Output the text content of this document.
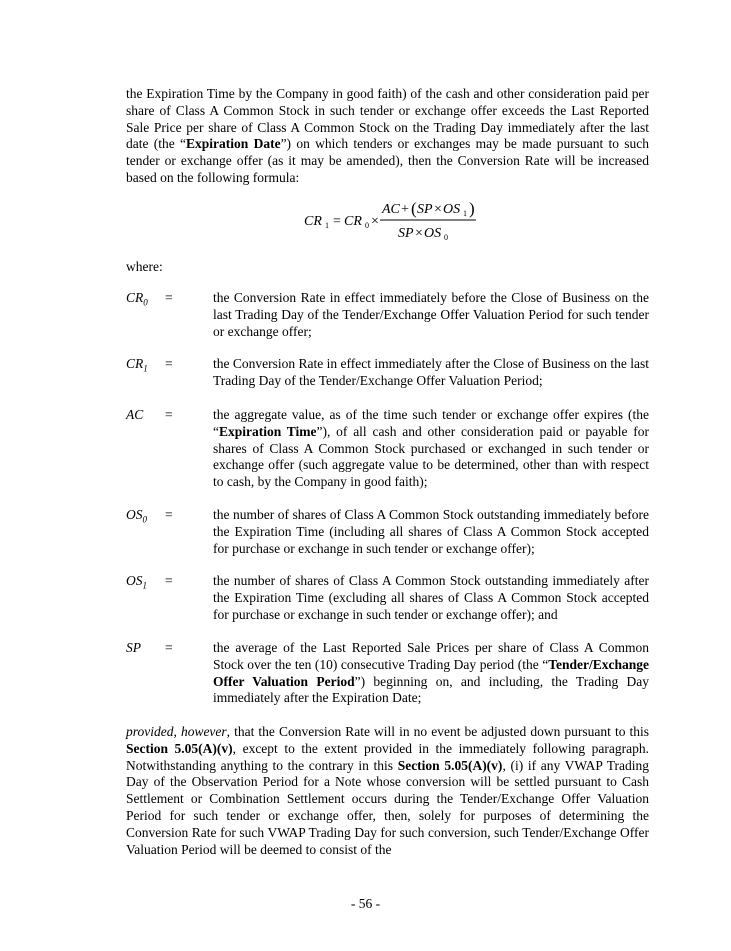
the Expiration Time by the Company in good faith) of the cash and other consideration paid per share of Class A Common Stock in such tender or exchange offer exceeds the Last Reported Sale Price per share of Class A Common Stock on the Trading Day immediately after the last date (the “Expiration Date”) on which tenders or exchanges may be made pursuant to such tender or exchange offer (as it may be amended), then the Conversion Rate will be increased based on the following formula:

CR 1 = CR 0 ×
AC + ( SP × OS 1 )
SP × OS 0

where:

$CR_0$ =	the Conversion Rate in effect immediately before the Close of Business on the last Trading Day of the Tender/Exchange Offer Valuation Period for such tender or exchange offer;

$CR_1$ =	the Conversion Rate in effect immediately after the Close of Business on the last Trading Day of the Tender/Exchange Offer Valuation Period;

AC =	the aggregate value, as of the time such tender or exchange offer expires (the “Expiration Time”), of all cash and other consideration paid or payable for shares of Class A Common Stock purchased or exchanged in such tender or exchange offer (such aggregate value to be determined, other than with respect to cash, by the Company in good faith);

$OS_0$ =	the number of shares of Class A Common Stock outstanding immediately before the Expiration Time (including all shares of Class A Common Stock accepted for purchase or exchange in such tender or exchange offer);

$OS_1$ =	the number of shares of Class A Common Stock outstanding immediately after the Expiration Time (excluding all shares of Class A Common Stock accepted for purchase or exchange in such tender or exchange offer); and

SP =	the average of the Last Reported Sale Prices per share of Class A Common Stock over the ten (10) consecutive Trading Day period (the “Tender/Exchange Offer Valuation Period”) beginning on, and including, the Trading Day immediately after the Expiration Date;

provided, however, that the Conversion Rate will in no event be adjusted down pursuant to this Section 5.05(A)(v), except to the extent provided in the immediately following paragraph. Notwithstanding anything to the contrary in this Section 5.05(A)(v), (i) if any VWAP Trading Day of the Observation Period for a Note whose conversion will be settled pursuant to Cash Settlement or Combination Settlement occurs during the Tender/Exchange Offer Valuation Period for such tender or exchange offer, then, solely for purposes of determining the Conversion Rate for such VWAP Trading Day for such conversion, such Tender/Exchange Offer Valuation Period will be deemed to consist of the

- 56 -
